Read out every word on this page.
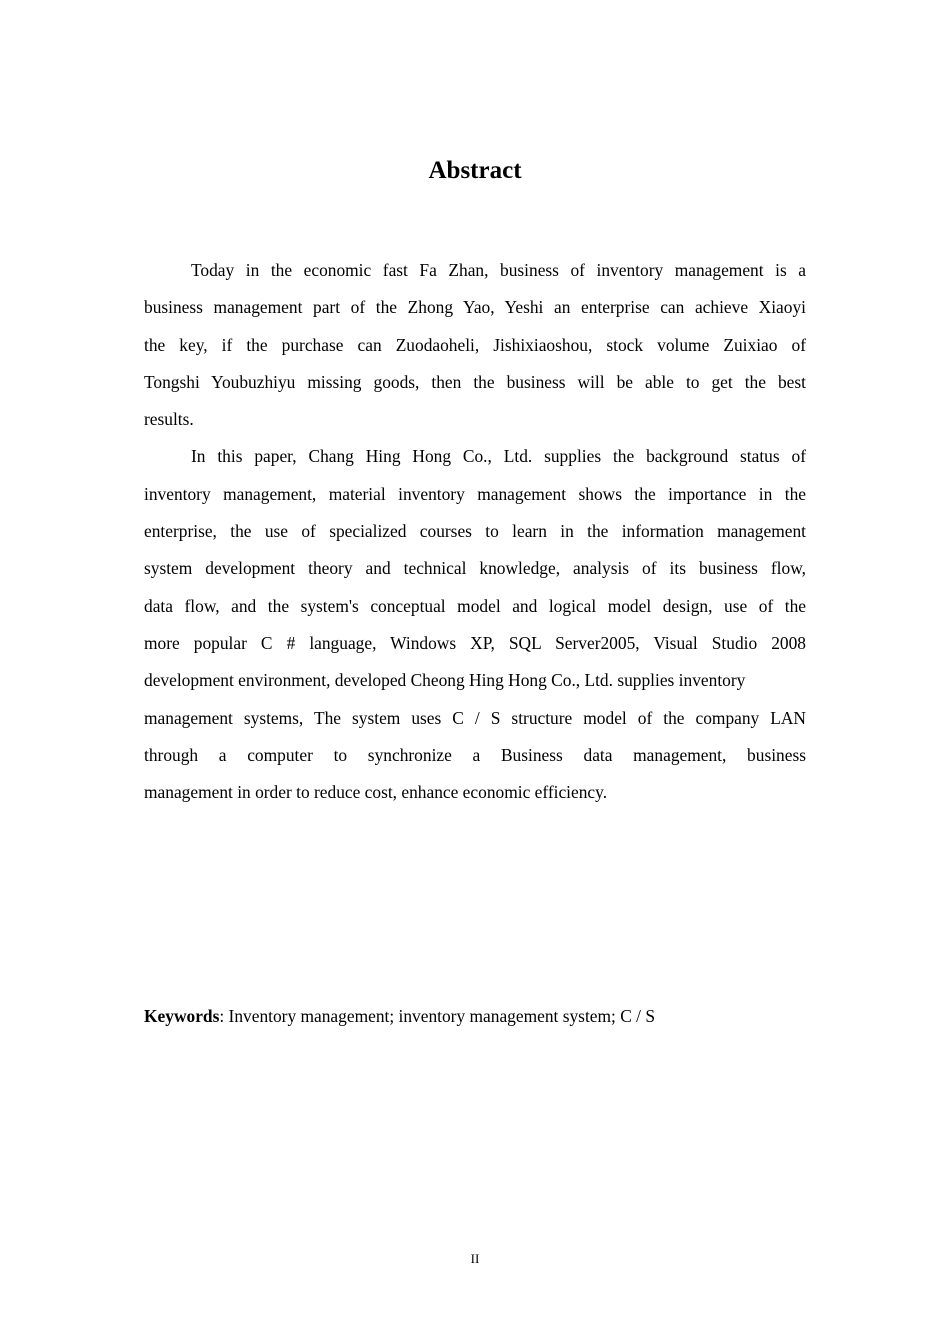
Abstract

Today in the economic fast Fa Zhan, business of inventory management is a
business management part of the Zhong Yao, Yeshi an enterprise can achieve Xiaoyi
the key, if the purchase can Zuodaoheli, Jishixiaoshou, stock volume Zuixiao of
Tongshi Youbuzhiyu missing goods, then the business will be able to get the best
results.

In this paper, Chang Hing Hong Co., Ltd. supplies the background status of
inventory management, material inventory management shows the importance in the
enterprise, the use of specialized courses to learn in the information management
system development theory and technical knowledge, analysis of its business flow,
data flow, and the system's conceptual model and logical model design, use of the
more popular C # language, Windows XP, SQL Server2005, Visual Studio 2008
development environment, developed Cheong Hing Hong Co., Ltd. supplies inventory
management systems, The system uses C / S structure model of the company LAN
through a computer to synchronize a Business data management, business
management in order to reduce cost, enhance economic efficiency.

Keywords: Inventory management; inventory management system; C / S

II
